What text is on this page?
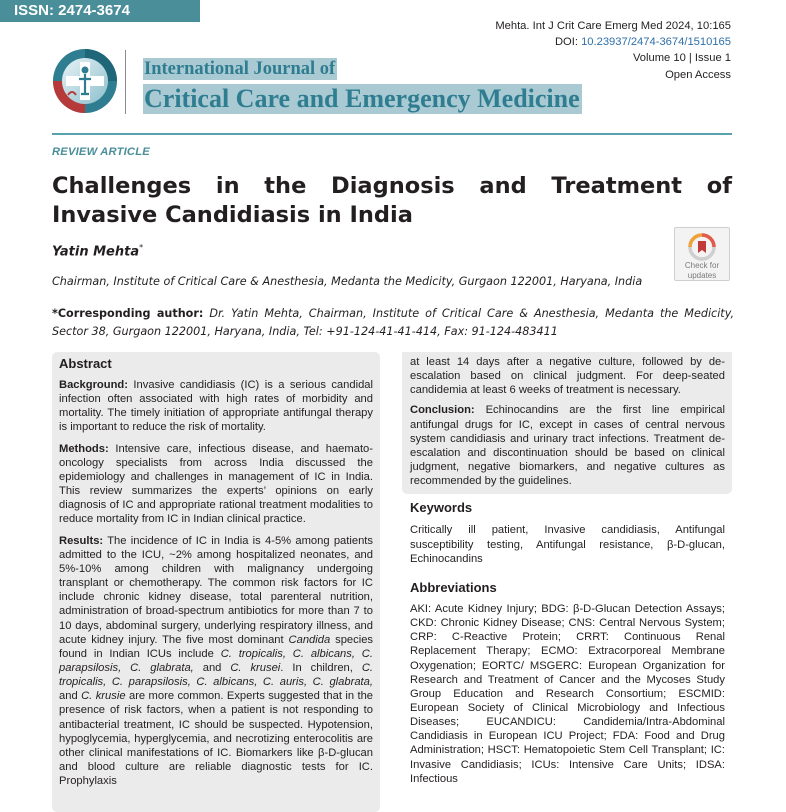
ISSN: 2474-3674
Mehta. Int J Crit Care Emerg Med 2024, 10:165
DOI: 10.23937/2474-3674/1510165
Volume 10 | Issue 1
Open Access
International Journal of
Critical Care and Emergency Medicine
REVIEW ARTICLE
Challenges in the Diagnosis and Treatment of Invasive Candidiasis in India
Yatin Mehta*
Chairman, Institute of Critical Care & Anesthesia, Medanta the Medicity, Gurgaon 122001, Haryana, India
Check for
updates
*Corresponding author: Dr. Yatin Mehta, Chairman, Institute of Critical Care & Anesthesia, Medanta the Medicity, Sector 38, Gurgaon 122001, Haryana, India, Tel: +91-124-41-41-414, Fax: 91-124-483411
Abstract

Background: Invasive candidiasis (IC) is a serious candidal infection often associated with high rates of morbidity and mortality. The timely initiation of appropriate antifungal therapy is important to reduce the risk of mortality.

Methods: Intensive care, infectious disease, and haemato-oncology specialists from across India discussed the epidemiology and challenges in management of IC in India. This review summarizes the experts’ opinions on early diagnosis of IC and appropriate rational treatment modalities to reduce mortality from IC in Indian clinical practice.

Results: The incidence of IC in India is 4-5% among patients admitted to the ICU, ~2% among hospitalized neonates, and 5%-10% among children with malignancy undergoing transplant or chemotherapy. The common risk factors for IC include chronic kidney disease, total parenteral nutrition, administration of broad-spectrum antibiotics for more than 7 to 10 days, abdominal surgery, underlying respiratory illness, and acute kidney injury. The five most dominant Candida species found in Indian ICUs include C. tropicalis, C. albicans, C. parapsilosis, C. glabrata, and C. krusei. In children, C. tropicalis, C. parapsilosis, C. albicans, C. auris, C. glabrata, and C. krusie are more common. Experts suggested that in the presence of risk factors, when a patient is not responding to antibacterial treatment, IC should be suspected. Hypotension, hypoglycemia, hyperglycemia, and necrotizing enterocolitis are other clinical manifestations of IC. Biomarkers like β-D-glucan and blood culture are reliable diagnostic tests for IC. Prophylaxis

at least 14 days after a negative culture, followed by de-escalation based on clinical judgment. For deep-seated candidemia at least 6 weeks of treatment is necessary.

Conclusion: Echinocandins are the first line empirical antifungal drugs for IC, except in cases of central nervous system candidiasis and urinary tract infections. Treatment de-escalation and discontinuation should be based on clinical judgment, negative biomarkers, and negative cultures as recommended by the guidelines.

Keywords

Critically ill patient, Invasive candidiasis, Antifungal susceptibility testing, Antifungal resistance, β-D-glucan, Echinocandins

Abbreviations

AKI: Acute Kidney Injury; BDG: β-D-Glucan Detection Assays; CKD: Chronic Kidney Disease; CNS: Central Nervous System; CRP: C-Reactive Protein; CRRT: Continuous Renal Replacement Therapy; ECMO: Extracorporeal Membrane Oxygenation; EORTC/ MSGERC: European Organization for Research and Treatment of Cancer and the Mycoses Study Group Education and Research Consortium; ESCMID: European Society of Clinical Microbiology and Infectious Diseases; EUCANDICU: Candidemia/Intra-Abdominal Candidiasis in European ICU Project; FDA: Food and Drug Administration; HSCT: Hematopoietic Stem Cell Transplant; IC: Invasive Candidiasis; ICUs: Intensive Care Units; IDSA: Infectious
